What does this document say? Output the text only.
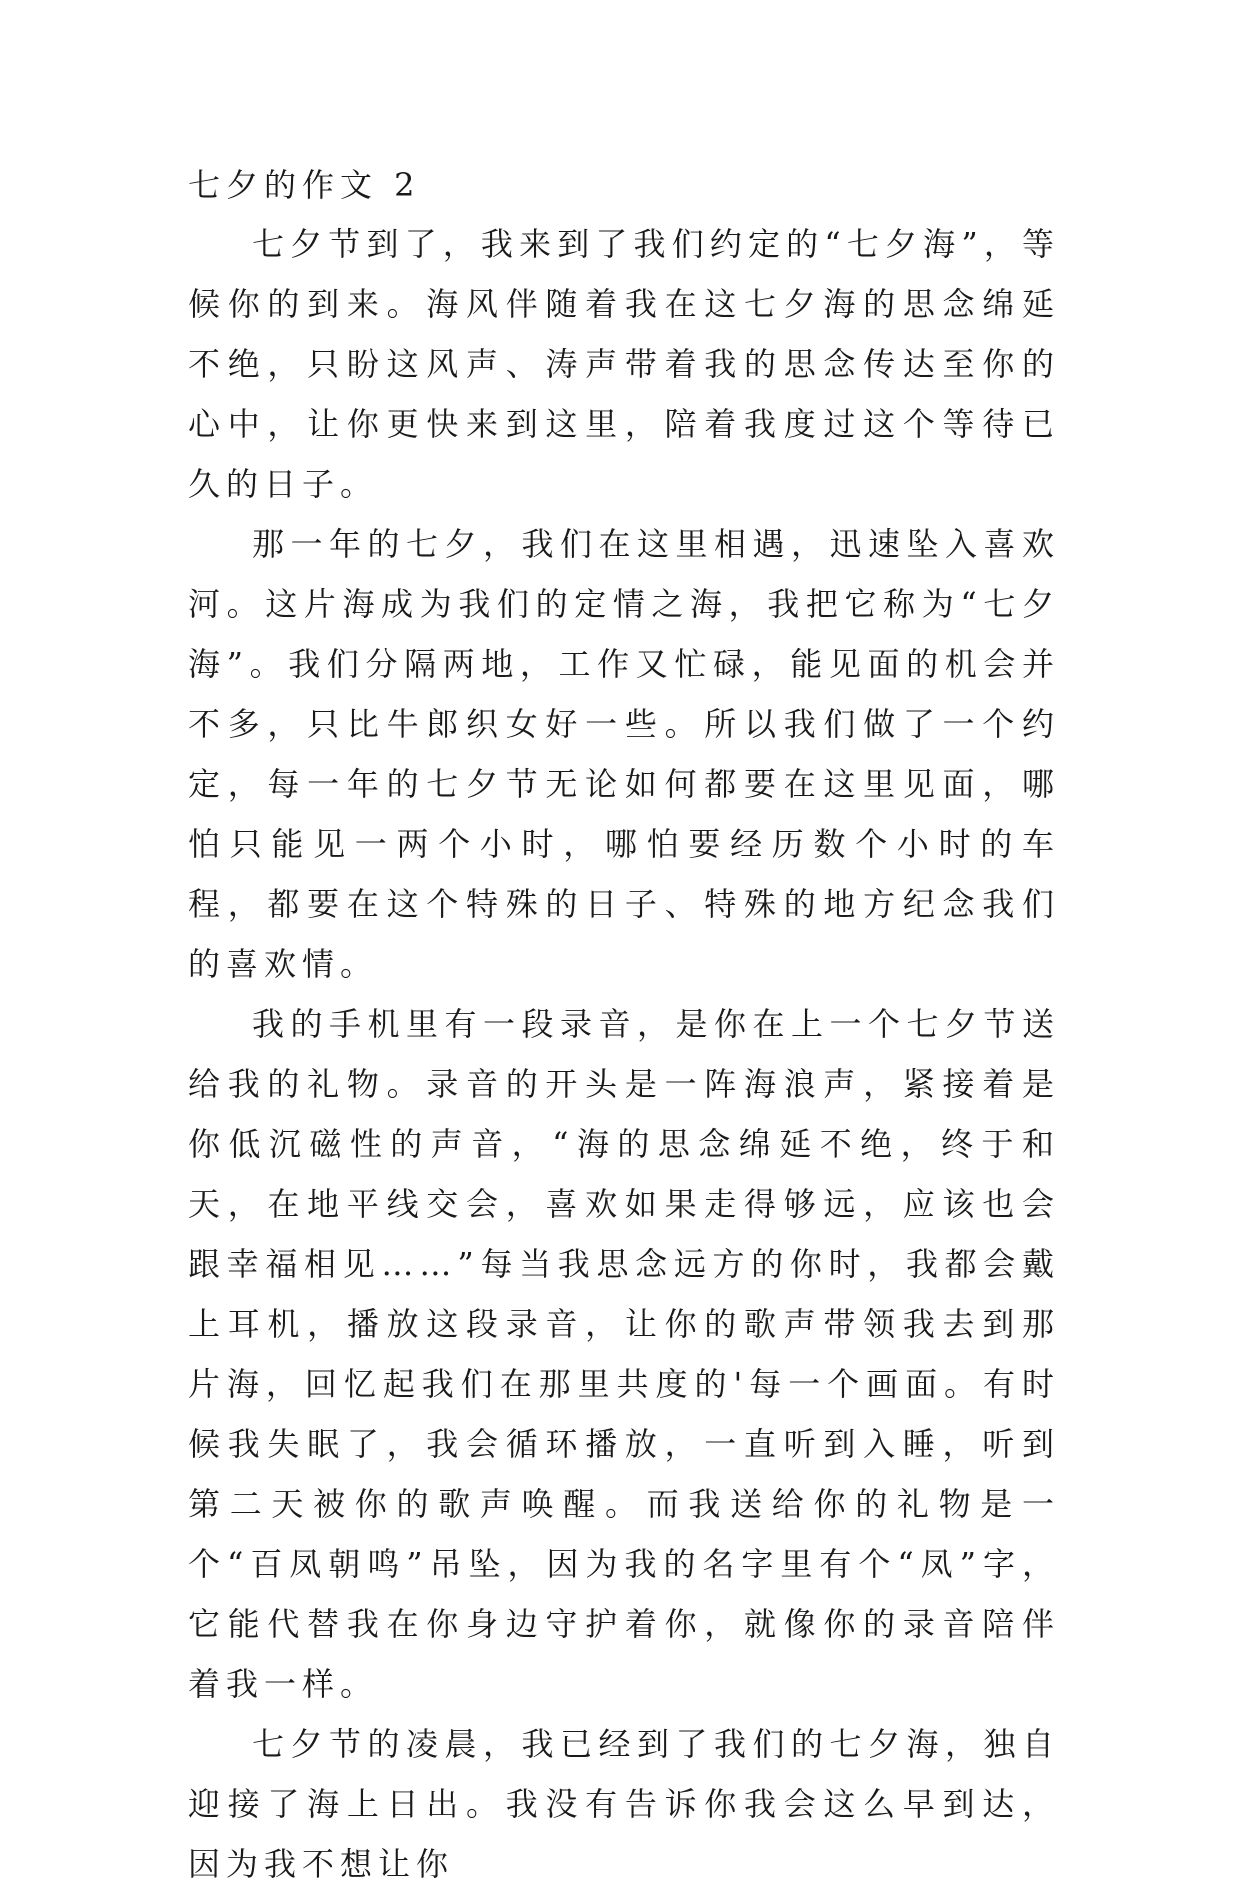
七夕的作文 2

七夕节到了，我来到了我们约定的“七夕海”，等候你的到来。海风伴随着我在这七夕海的思念绵延不绝，只盼这风声、涛声带着我的思念传达至你的心中，让你更快来到这里，陪着我度过这个等待已久的日子。

那一年的七夕，我们在这里相遇，迅速坠入喜欢河。这片海成为我们的定情之海，我把它称为“七夕海”。我们分隔两地，工作又忙碌，能见面的机会并不多，只比牛郎织女好一些。所以我们做了一个约定，每一年的七夕节无论如何都要在这里见面，哪怕只能见一两个小时，哪怕要经历数个小时的车程，都要在这个特殊的日子、特殊的地方纪念我们的喜欢情。

我的手机里有一段录音，是你在上一个七夕节送给我的礼物。录音的开头是一阵海浪声，紧接着是你低沉磁性的声音，“海的思念绵延不绝，终于和天，在地平线交会，喜欢如果走得够远，应该也会跟幸福相见……”每当我思念远方的你时，我都会戴上耳机，播放这段录音，让你的歌声带领我去到那片海，回忆起我们在那里共度的'每一个画面。有时候我失眠了，我会循环播放，一直听到入睡，听到第二天被你的歌声唤醒。而我送给你的礼物是一个“百凤朝鸣”吊坠，因为我的名字里有个“凤”字，它能代替我在你身边守护着你，就像你的录音陪伴着我一样。

七夕节的凌晨，我已经到了我们的七夕海，独自迎接了海上日出。我没有告诉你我会这么早到达，因为我不想让你
